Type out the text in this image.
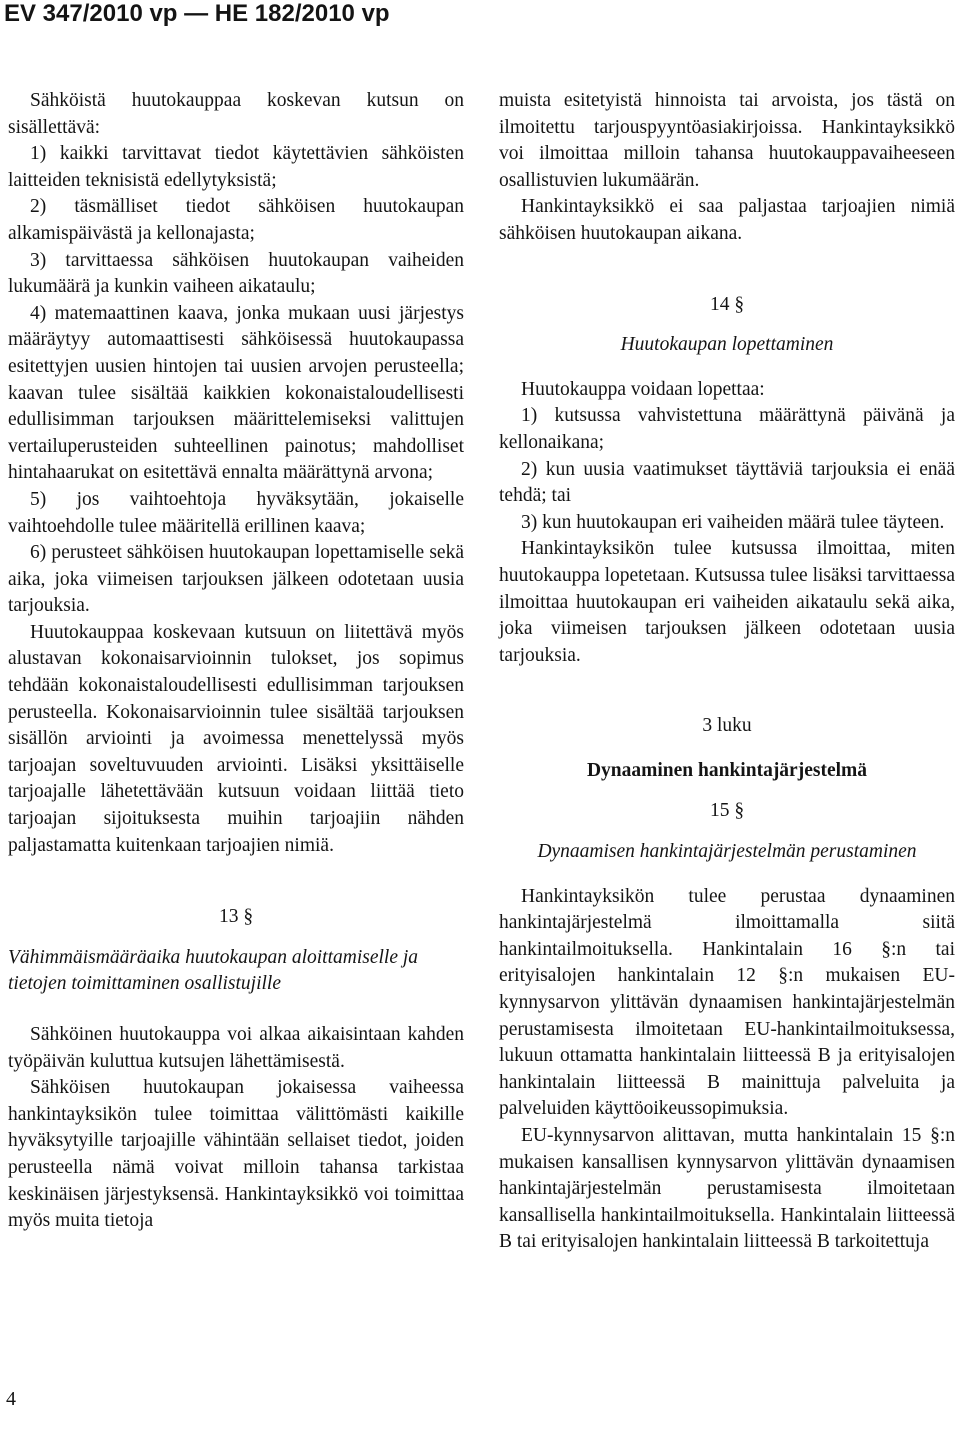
EV 347/2010 vp — HE 182/2010 vp

Sähköistä huutokauppaa koskevan kutsun on sisällettävä:

1) kaikki tarvittavat tiedot käytettävien sähköisten laitteiden teknisistä edellytyksistä;

2) täsmälliset tiedot sähköisen huutokaupan alkamispäivästä ja kellonajasta;

3) tarvittaessa sähköisen huutokaupan vaiheiden lukumäärä ja kunkin vaiheen aikataulu;

4) matemaattinen kaava, jonka mukaan uusi järjestys määräytyy automaattisesti sähköisessä huutokaupassa esitettyjen uusien hintojen tai uusien arvojen perusteella; kaavan tulee sisältää kaikkien kokonaistaloudellisesti edullisimman tarjouksen määrittelemiseksi valittujen vertailuperusteiden suhteellinen painotus; mahdolliset hintahaarukat on esitettävä ennalta määrättynä arvona;

5) jos vaihtoehtoja hyväksytään, jokaiselle vaihtoehdolle tulee määritellä erillinen kaava;

6) perusteet sähköisen huutokaupan lopettamiselle sekä aika, joka viimeisen tarjouksen jälkeen odotetaan uusia tarjouksia.

Huutokauppaa koskevaan kutsuun on liitettävä myös alustavan kokonaisarvioinnin tulokset, jos sopimus tehdään kokonaistaloudellisesti edullisimman tarjouksen perusteella. Kokonaisarvioinnin tulee sisältää tarjouksen sisällön arviointi ja avoimessa menettelyssä myös tarjoajan soveltuvuuden arviointi. Lisäksi yksittäiselle tarjoajalle lähetettävään kutsuun voidaan liittää tieto tarjoajan sijoituksesta muihin tarjoajiin nähden paljastamatta kuitenkaan tarjoajien nimiä.

13 §

Vähimmäismääräaika huutokaupan aloittamiselle ja tietojen toimittaminen osallistujille

Sähköinen huutokauppa voi alkaa aikaisintaan kahden työpäivän kuluttua kutsujen lähettämisestä.

Sähköisen huutokaupan jokaisessa vaiheessa hankintayksikön tulee toimittaa välittömästi kaikille hyväksytyille tarjoajille vähintään sellaiset tiedot, joiden perusteella nämä voivat milloin tahansa tarkistaa keskinäisen järjestyksensä. Hankintayksikkö voi toimittaa myös muita tietoja

muista esitetyistä hinnoista tai arvoista, jos tästä on ilmoitettu tarjouspyyntöasiakirjoissa. Hankintayksikkö voi ilmoittaa milloin tahansa huutokauppavaiheeseen osallistuvien lukumäärän.

Hankintayksikkö ei saa paljastaa tarjoajien nimiä sähköisen huutokaupan aikana.

14 §

Huutokaupan lopettaminen

Huutokauppa voidaan lopettaa:

1) kutsussa vahvistettuna määrättynä päivänä ja kellonaikana;

2) kun uusia vaatimukset täyttäviä tarjouksia ei enää tehdä; tai

3) kun huutokaupan eri vaiheiden määrä tulee täyteen.

Hankintayksikön tulee kutsussa ilmoittaa, miten huutokauppa lopetetaan. Kutsussa tulee lisäksi tarvittaessa ilmoittaa huutokaupan eri vaiheiden aikataulu sekä aika, joka viimeisen tarjouksen jälkeen odotetaan uusia tarjouksia.

3 luku

Dynaaminen hankintajärjestelmä

15 §

Dynaamisen hankintajärjestelmän perustaminen

Hankintayksikön tulee perustaa dynaaminen hankintajärjestelmä ilmoittamalla siitä hankintailmoituksella. Hankintalain 16 §:n tai erityisalojen hankintalain 12 §:n mukaisen EU-kynnysarvon ylittävän dynaamisen hankintajärjestelmän perustamisesta ilmoitetaan EU-hankintailmoituksessa, lukuun ottamatta hankintalain liitteessä B ja erityisalojen hankintalain liitteessä B mainittuja palveluita ja palveluiden käyttöoikeussopimuksia.

EU-kynnysarvon alittavan, mutta hankintalain 15 §:n mukaisen kansallisen kynnysarvon ylittävän dynaamisen hankintajärjestelmän perustamisesta ilmoitetaan kansallisella hankintailmoituksella. Hankintalain liitteessä B tai erityisalojen hankintalain liitteessä B tarkoitettuja

4
